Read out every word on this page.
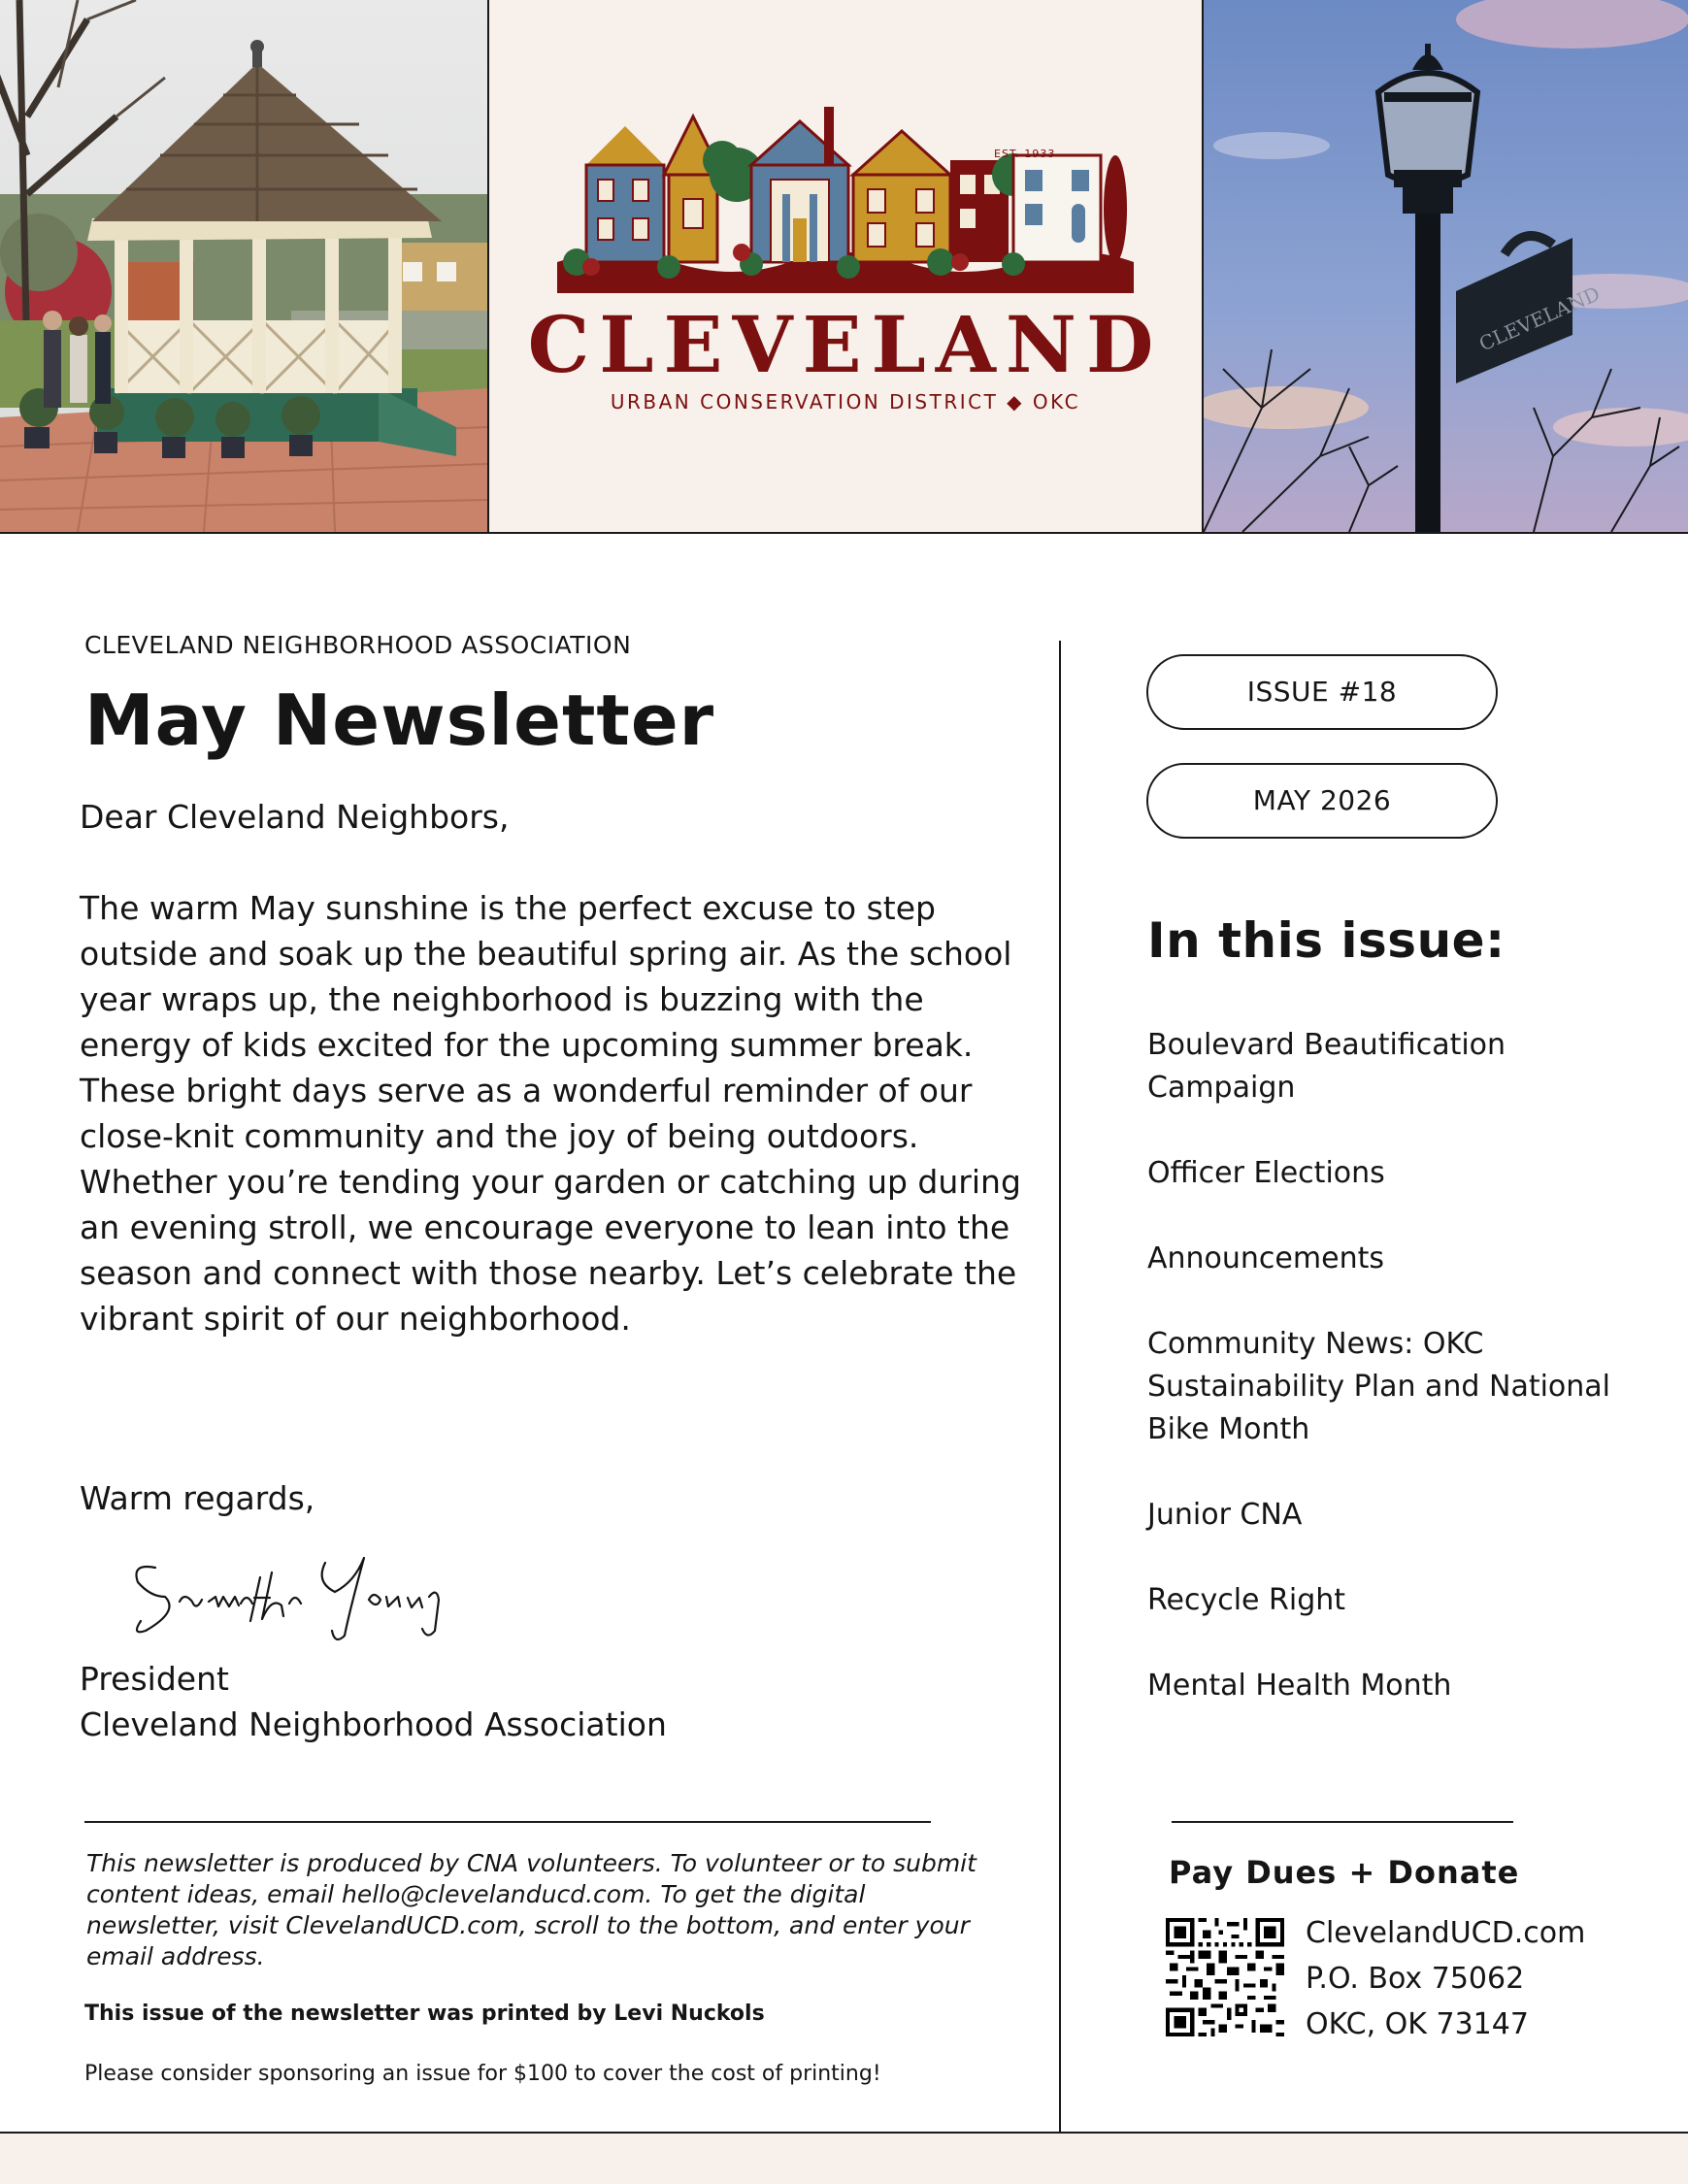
EST. 1933
CLEVELAND
URBAN CONSERVATION DISTRICT ◆ OKC
CLEVELAND
CLEVELAND NEIGHBORHOOD ASSOCIATION
May Newsletter
Dear Cleveland Neighbors,

The warm May sunshine is the perfect excuse to step outside and soak up the beautiful spring air. As the school year wraps up, the neighborhood is buzzing with the energy of kids excited for the upcoming summer break. These bright days serve as a wonderful reminder of our close-knit community and the joy of being outdoors. Whether you’re tending your garden or catching up during an evening stroll, we encourage everyone to lean into the season and connect with those nearby. Let’s celebrate the vibrant spirit of our neighborhood.

Warm regards,
President
Cleveland Neighborhood Association

This newsletter is produced by CNA volunteers. To volunteer or to submit content ideas, email hello@clevelanducd.com. To get the digital newsletter, visit ClevelandUCD.com, scroll to the bottom, and enter your email address.

This issue of the newsletter was printed by Levi Nuckols
Please consider sponsoring an issue for $100 to cover the cost of printing!
ISSUE #18
MAY 2026
In this issue:
Boulevard Beautification Campaign
Officer Elections
Announcements
Community News: OKC Sustainability Plan and National Bike Month
Junior CNA
Recycle Right
Mental Health Month
Pay Dues + Donate
ClevelandUCD.com
P.O. Box 75062
OKC, OK 73147
